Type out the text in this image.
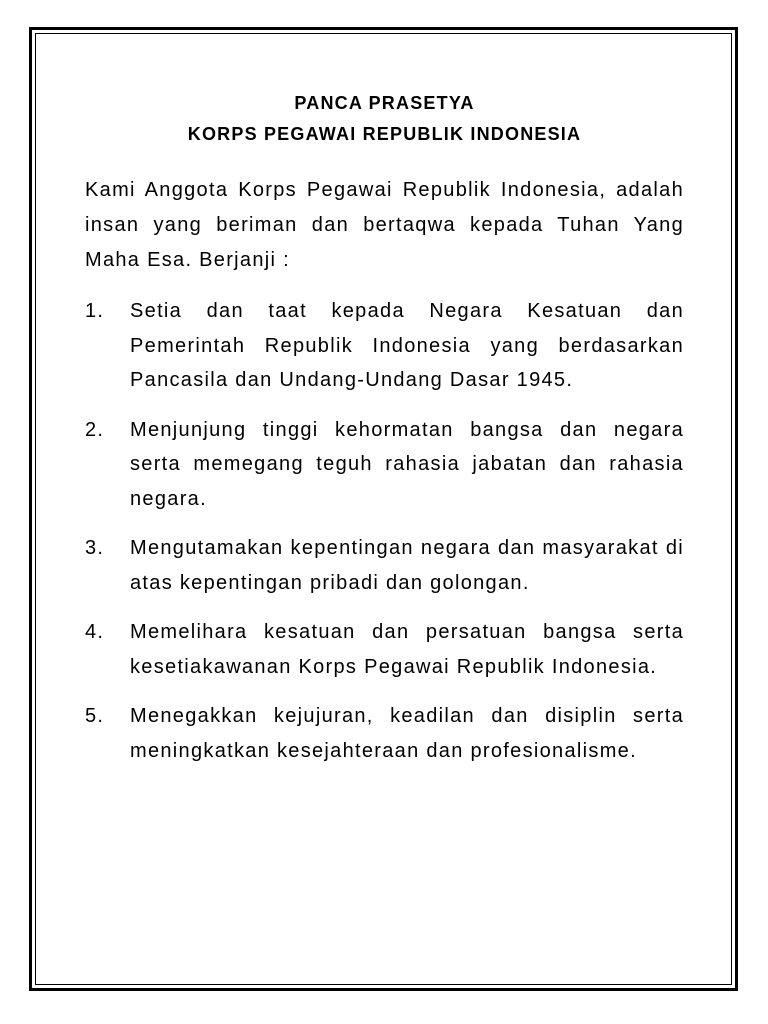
PANCA PRASETYA
KORPS PEGAWAI REPUBLIK INDONESIA

Kami Anggota Korps Pegawai Republik Indonesia, adalah insan yang beriman dan bertaqwa kepada Tuhan Yang Maha Esa. Berjanji :

1. Setia dan taat kepada Negara Kesatuan dan Pemerintah Republik Indonesia yang berdasarkan Pancasila dan Undang-Undang Dasar 1945.
2. Menjunjung tinggi kehormatan bangsa dan negara serta memegang teguh rahasia jabatan dan rahasia negara.
3. Mengutamakan kepentingan negara dan masyarakat di atas kepentingan pribadi dan golongan.
4. Memelihara kesatuan dan persatuan bangsa serta kesetiakawanan Korps Pegawai Republik Indonesia.
5. Menegakkan kejujuran, keadilan dan disiplin serta meningkatkan kesejahteraan dan profesionalisme.
